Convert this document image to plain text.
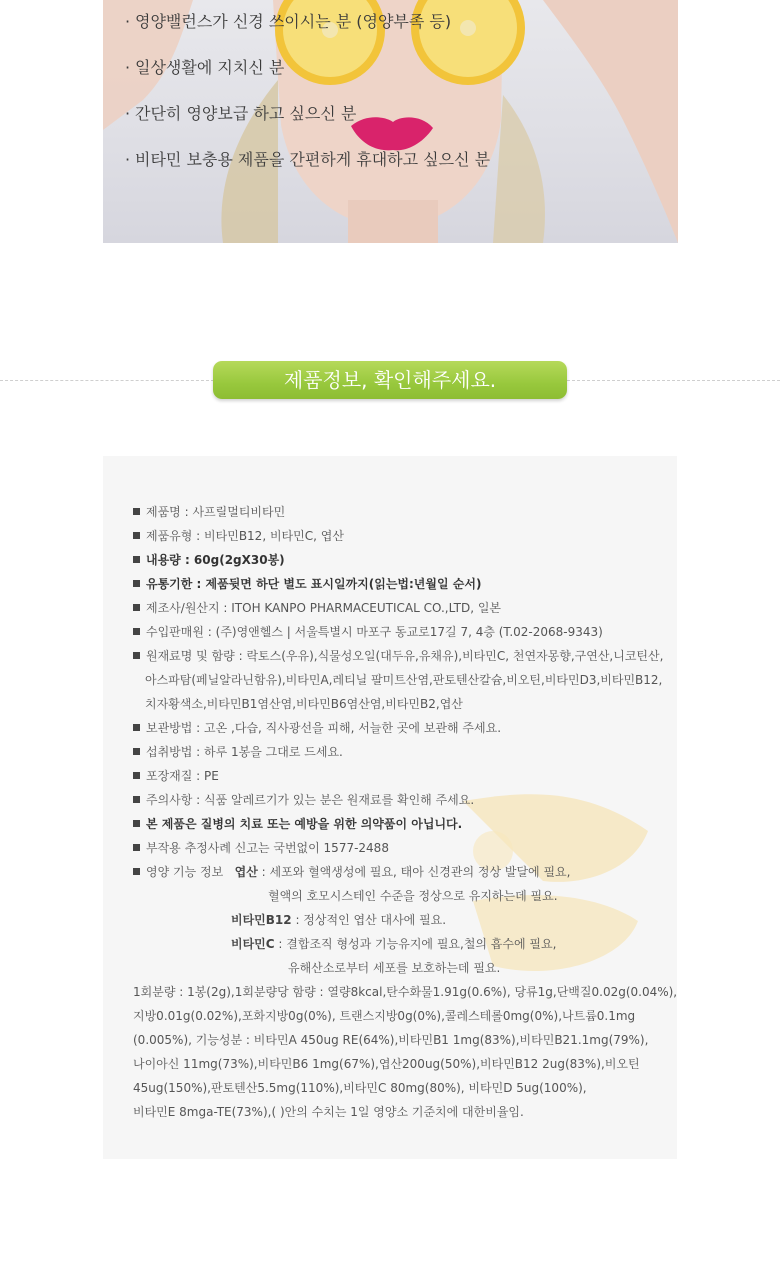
· 영양밸런스가 신경 쓰이시는 분 (영양부족 등)
· 일상생활에 지치신 분
· 간단히 영양보급 하고 싶으신 분
· 비타민 보충용 제품을 간편하게 휴대하고 싶으신 분
제품정보, 확인해주세요.
제품명 : 사프릴멀티비타민
제품유형 : 비타민B12, 비타민C, 엽산
내용량 : 60g(2gX30봉)
유통기한 : 제품뒷면 하단 별도 표시일까지(읽는법:년월일 순서)
제조사/원산지 : ITOH KANPO PHARMACEUTICAL CO.,LTD, 일본
수입판매원 : (주)영앤헬스 | 서울특별시 마포구 동교로17길 7, 4층 (T.02-2068-9343)
원재료명 및 함량 : 락토스(우유),식물성오일(대두유,유채유),비타민C, 천연자몽향,구연산,니코틴산,
아스파탐(페닐알라닌함유),비타민A,레티닐 팔미트산염,판토텐산칼슘,비오틴,비타민D3,비타민B12,
치자황색소,비타민B1염산염,비타민B6염산염,비타민B2,엽산
보관방법 : 고온 ,다습, 직사광선을 피해, 서늘한 곳에 보관해 주세요.
섭취방법 : 하루 1봉을 그대로 드세요.
포장재질 : PE
주의사항 : 식품 알레르기가 있는 분은 원재료를 확인해 주세요.
본 제품은 질병의 치료 또는 예방을 위한 의약품이 아닙니다.
부작용 추정사례 신고는 국번없이 1577-2488
영양 기능 정보 엽산 : 세포와 혈액생성에 필요, 태아 신경관의 정상 발달에 필요,
혈액의 호모시스테인 수준을 정상으로 유지하는데 필요.
비타민B12 : 정상적인 엽산 대사에 필요.
비타민C : 결합조직 형성과 기능유지에 필요,철의 흡수에 필요,
유해산소로부터 세포를 보호하는데 필요.
1회분량 : 1봉(2g),1회분량당 함량 : 열량8kcal,탄수화물1.91g(0.6%), 당류1g,단백질0.02g(0.04%),
지방0.01g(0.02%),포화지방0g(0%), 트랜스지방0g(0%),콜레스테롤0mg(0%),나트륨0.1mg
(0.005%), 기능성분 : 비타민A 450ug RE(64%),비타민B1 1mg(83%),비타민B21.1mg(79%),
나이아신 11mg(73%),비타민B6 1mg(67%),엽산200ug(50%),비타민B12 2ug(83%),비오틴
45ug(150%),판토텐산5.5mg(110%),비타민C 80mg(80%), 비타민D 5ug(100%),
비타민E 8mga-TE(73%),( )안의 수치는 1일 영양소 기준치에 대한비율임.
